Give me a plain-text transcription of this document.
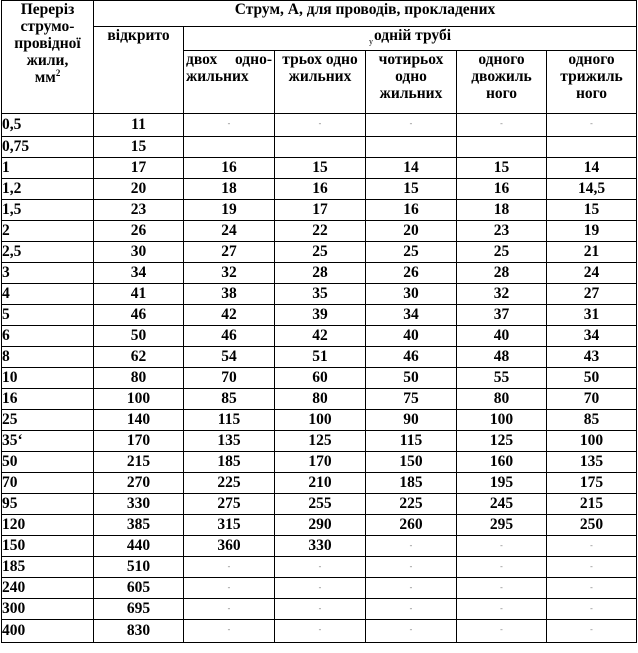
Переріз
струмо-
провідної
жили,
$мм^2$	Струм, А, для проводів, прокладених					
	відкрито	$_у$одній трубі				
		двох одно-жильних	трьох одно жильних	чотирьох одно жильних	одного двожиль ного	одного трижиль ного
0,5	11	-	-	-	-	-
0,75	15					
1	17	16	15	14	15	14
1,2	20	18	16	15	16	14,5
1,5	23	19	17	16	18	15
2	26	24	22	20	23	19
2,5	30	27	25	25	25	21
3	34	32	28	26	28	24
4	41	38	35	30	32	27
5	46	42	39	34	37	31
6	50	46	42	40	40	34
8	62	54	51	46	48	43
10	80	70	60	50	55	50
16	100	85	80	75	80	70
25	140	115	100	90	100	85
35‘	170	135	125	115	125	100
50	215	185	170	150	160	135
70	270	225	210	185	195	175
95	330	275	255	225	245	215
120	385	315	290	260	295	250
150	440	360	330	-	-	-
185	510	-	-	-	-	-
240	605	-	-	-	-	-
300	695	-	-	-	-	-
400	830	-	-	-	-	-
